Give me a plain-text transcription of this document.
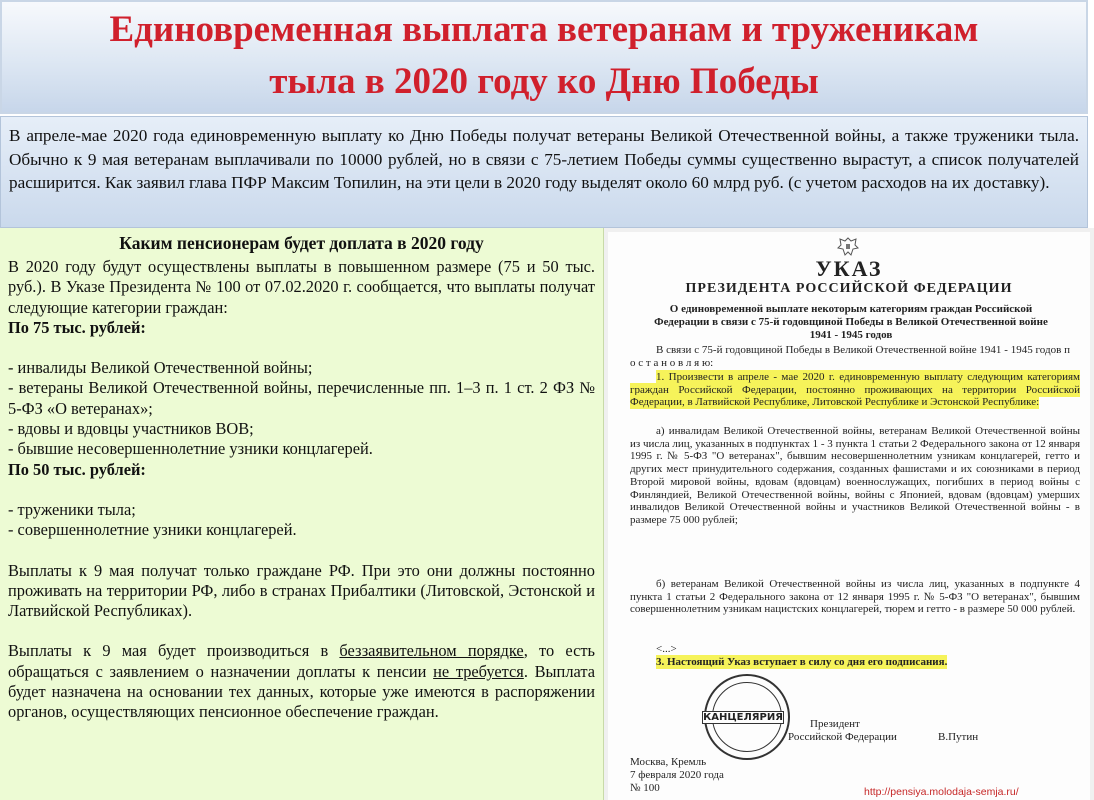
Единовременная выплата ветеранам и труженикам
тыла в 2020 году ко Дню Победы
В апреле-мае 2020 года единовременную выплату ко Дню Победы получат ветераны Великой Отечественной войны, а также труженики тыла. Обычно к 9 мая ветеранам выплачивали по 10000 рублей, но в связи с 75-летием Победы суммы существенно вырастут, а список получателей расширится. Как заявил глава ПФР Максим Топилин, на эти цели в 2020 году выделят около 60 млрд руб. (с учетом расходов на их доставку).
Каким пенсионерам будет доплата в 2020 году

В 2020 году будут осуществлены выплаты в повышенном размере (75 и 50 тыс. руб.). В Указе Президента № 100 от 07.02.2020 г. сообщается, что выплаты получат следующие категории граждан:

По 75 тыс. рублей:

- инвалиды Великой Отечественной войны;

- ветераны Великой Отечественной войны, перечисленные пп. 1–3 п. 1 ст. 2 ФЗ № 5-ФЗ «О ветеранах»;

- вдовы и вдовцы участников ВОВ;

- бывшие несовершеннолетние узники концлагерей.

По 50 тыс. рублей:

- труженики тыла;

- совершеннолетние узники концлагерей.

Выплаты к 9 мая получат только граждане РФ. При это они должны постоянно проживать на территории РФ, либо в странах Прибалтики (Литовской, Эстонской и Латвийской Республиках).

Выплаты к 9 мая будет производиться в беззаявительном порядке, то есть обращаться с заявлением о назначении доплаты к пенсии не требуется. Выплата будет назначена на основании тех данных, которые уже имеются в распоряжении органов, осуществляющих пенсионное обеспечение граждан.

УКАЗ
ПРЕЗИДЕНТА РОССИЙСКОЙ ФЕДЕРАЦИИ
О единовременной выплате некоторым категориям граждан Российской Федерации в связи с 75-й годовщиной Победы в Великой Отечественной войне 1941 - 1945 годов
В связи с 75-й годовщиной Победы в Великой Отечественной войне 1941 - 1945 годов п о с т а н о в л я ю:
1. Произвести в апреле - мае 2020 г. единовременную выплату следующим категориям граждан Российской Федерации, постоянно проживающих на территории Российской Федерации, в Латвийской Республике, Литовской Республике и Эстонской Республике:
а) инвалидам Великой Отечественной войны, ветеранам Великой Отечественной войны из числа лиц, указанных в подпунктах 1 - 3 пункта 1 статьи 2 Федерального закона от 12 января 1995 г. № 5-ФЗ "О ветеранах", бывшим несовершеннолетним узникам концлагерей, гетто и других мест принудительного содержания, созданных фашистами и их союзниками в период Второй мировой войны, вдовам (вдовцам) военнослужащих, погибших в период войны с Финляндией, Великой Отечественной войны, войны с Японией, вдовам (вдовцам) умерших инвалидов Великой Отечественной войны и участников Великой Отечественной войны - в размере 75 000 рублей;
б) ветеранам Великой Отечественной войны из числа лиц, указанных в подпункте 4 пункта 1 статьи 2 Федерального закона от 12 января 1995 г. № 5-ФЗ "О ветеранах", бывшим совершеннолетним узникам нацистских концлагерей, тюрем и гетто - в размере 50 000 рублей.
<...>
3. Настоящий Указ вступает в силу со дня его подписания.
КАНЦЕЛЯРИЯ
Президент
Российской Федерации	В.Путин
Москва, Кремль
7 февраля 2020 года
№ 100	http://pensiya.molodaja-semja.ru/
